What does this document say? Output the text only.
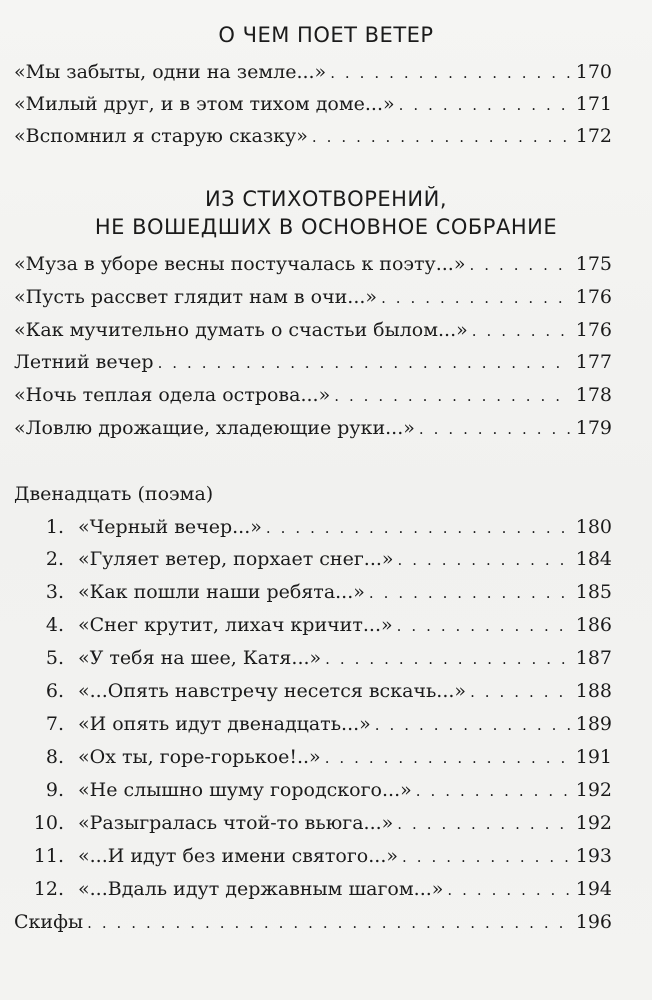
О ЧЕМ ПОЕТ ВЕТЕР
«Мы забыты, одни на земле...» . . .	170
«Милый друг, и в этом тихом доме...» . . .	171
«Вспомнил я старую сказку» . . .	172
ИЗ СТИХОТВОРЕНИЙ,
НЕ ВОШЕДШИХ В ОСНОВНОЕ СОБРАНИЕ
«Муза в уборе весны постучалась к поэту...» . . .	175
«Пусть рассвет глядит нам в очи...» . . .	176
«Как мучительно думать о счастьи былом...» . . .	176
Летний вечер . . .	177
«Ночь теплая одела острова...» . . .	178
«Ловлю дрожащие, хладеющие руки...» . . .	179
Двенадцать (поэма)
1. «Черный вечер...» . . .	180
2. «Гуляет ветер, порхает снег...» . . .	184
3. «Как пошли наши ребята...» . . .	185
4. «Снег крутит, лихач кричит...» . . .	186
5. «У тебя на шее, Катя...» . . .	187
6. «...Опять навстречу несется вскачь...» . . .	188
7. «И опять идут двенадцать...» . . .	189
8. «Ох ты, горе-горькое!..» . . .	191
9. «Не слышно шуму городского...» . . .	192
10. «Разыгралась чтой-то вьюга...» . . .	192
11. «...И идут без имени святого...» . . .	193
12. «...Вдаль идут державным шагом...» . . .	194
Скифы . . .	196
